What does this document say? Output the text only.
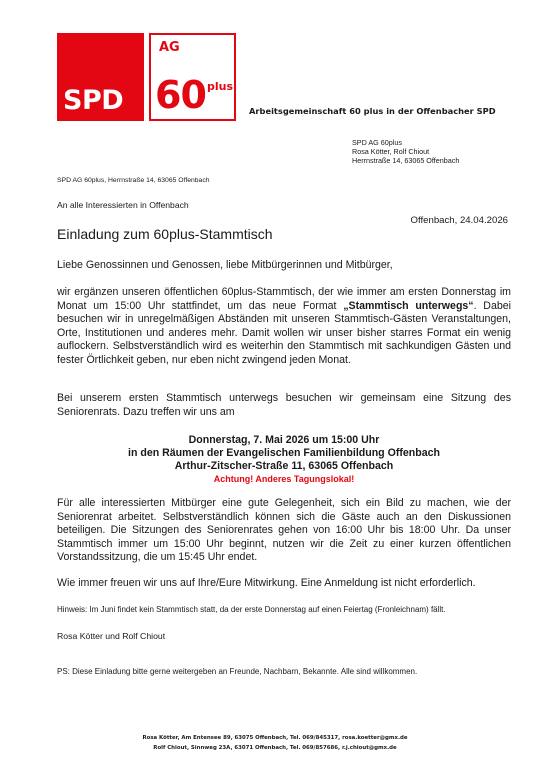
SPD
AG
60 plus
Arbeitsgemeinschaft 60 plus in der Offenbacher SPD
SPD AG 60plus
Rosa Kötter, Rolf Chiout
Herrnstraße 14, 63065 Offenbach
SPD AG 60plus, Herrnstraße 14, 63065 Offenbach
An alle Interessierten in Offenbach
Offenbach, 24.04.2026
Einladung zum 60plus-Stammtisch
Liebe Genossinnen und Genossen, liebe Mitbürgerinnen und Mitbürger,
wir ergänzen unseren öffentlichen 60plus-Stammtisch, der wie immer am ersten Donnerstag im Monat um 15:00 Uhr stattfindet, um das neue Format „Stammtisch unterwegs“. Dabei besuchen wir in unregelmäßigen Abständen mit unseren Stammtisch-Gästen Veranstaltungen, Orte, Institutionen und anderes mehr. Damit wollen wir unser bisher starres Format ein wenig auflockern. Selbstverständlich wird es weiterhin den Stammtisch mit sachkundigen Gästen und fester Örtlichkeit geben, nur eben nicht zwingend jeden Monat.
Bei unserem ersten Stammtisch unterwegs besuchen wir gemeinsam eine Sitzung des Seniorenrats. Dazu treffen wir uns am
Donnerstag, 7. Mai 2026 um 15:00 Uhr
in den Räumen der Evangelischen Familienbildung Offenbach
Arthur-Zitscher-Straße 11, 63065 Offenbach
Achtung! Anderes Tagungslokal!
Für alle interessierten Mitbürger eine gute Gelegenheit, sich ein Bild zu machen, wie der Seniorenrat arbeitet. Selbstverständlich können sich die Gäste auch an den Diskussionen beteiligen. Die Sitzungen des Seniorenrates gehen von 16:00 Uhr bis 18:00 Uhr. Da unser Stammtisch immer um 15:00 Uhr beginnt, nutzen wir die Zeit zu einer kurzen öffentlichen Vorstandssitzung, die um 15:45 Uhr endet.
Wie immer freuen wir uns auf Ihre/Eure Mitwirkung. Eine Anmeldung ist nicht erforderlich.
Hinweis: Im Juni findet kein Stammtisch statt, da der erste Donnerstag auf einen Feiertag (Fronleichnam) fällt.
Rosa Kötter und Rolf Chiout
PS: Diese Einladung bitte gerne weitergeben an Freunde, Nachbarn, Bekannte. Alle sind willkommen.
Rosa Kötter, Am Entensee 89, 63075 Offenbach, Tel. 069/845317, rosa.koetter@gmx.de
Rolf Chiout, Sinnweg 23A, 63071 Offenbach, Tel. 069/857686, r.j.chiout@gmx.de
